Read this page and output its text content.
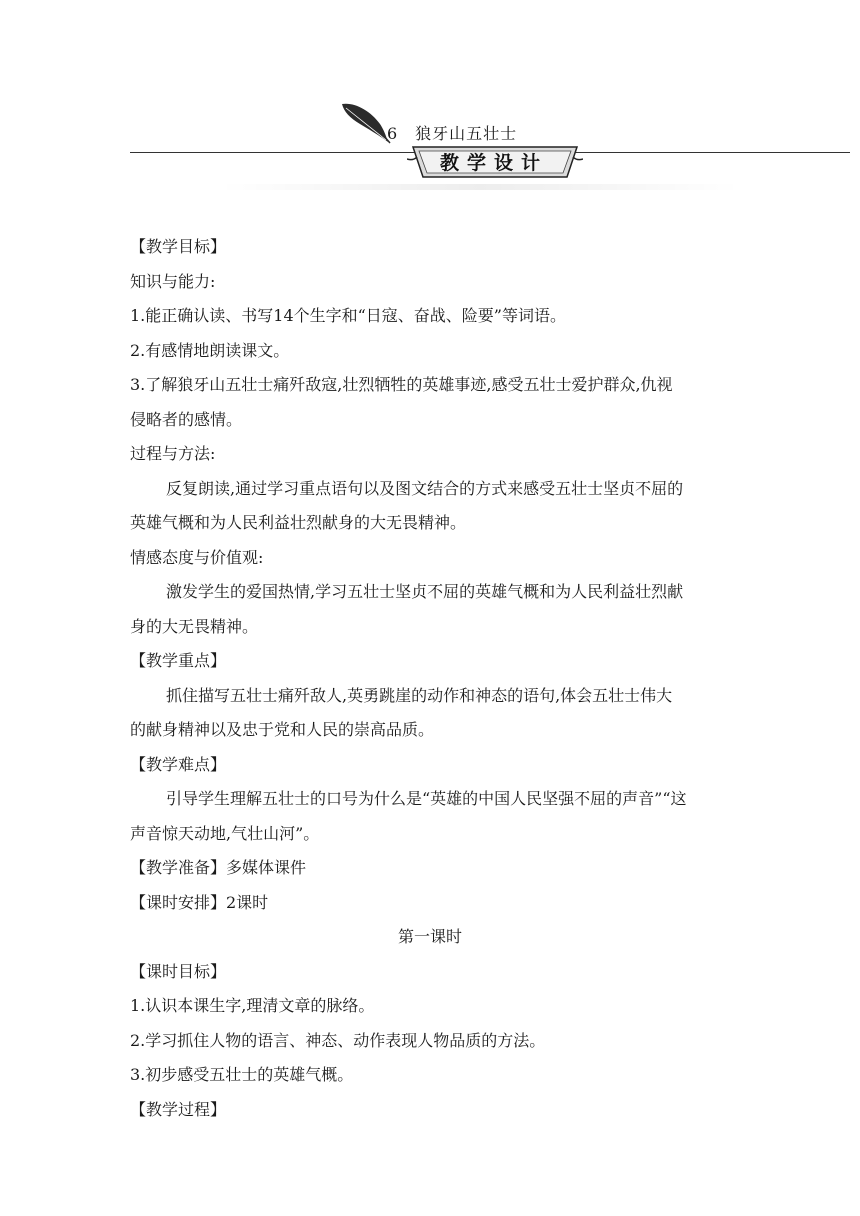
6　狼牙山五壮士
教学设计
【教学目标】
知识与能力:
1.能正确认读、书写14个生字和“日寇、奋战、险要”等词语。
2.有感情地朗读课文。
3.了解狼牙山五壮士痛歼敌寇,壮烈牺牲的英雄事迹,感受五壮士爱护群众,仇视
侵略者的感情。
过程与方法:
反复朗读,通过学习重点语句以及图文结合的方式来感受五壮士坚贞不屈的
英雄气概和为人民利益壮烈献身的大无畏精神。
情感态度与价值观:
激发学生的爱国热情,学习五壮士坚贞不屈的英雄气概和为人民利益壮烈献
身的大无畏精神。
【教学重点】
抓住描写五壮士痛歼敌人,英勇跳崖的动作和神态的语句,体会五壮士伟大
的献身精神以及忠于党和人民的崇高品质。
【教学难点】
引导学生理解五壮士的口号为什么是“英雄的中国人民坚强不屈的声音”“这
声音惊天动地,气壮山河”。
【教学准备】多媒体课件
【课时安排】2课时
第一课时
【课时目标】
1.认识本课生字,理清文章的脉络。
2.学习抓住人物的语言、神态、动作表现人物品质的方法。
3.初步感受五壮士的英雄气概。
【教学过程】
